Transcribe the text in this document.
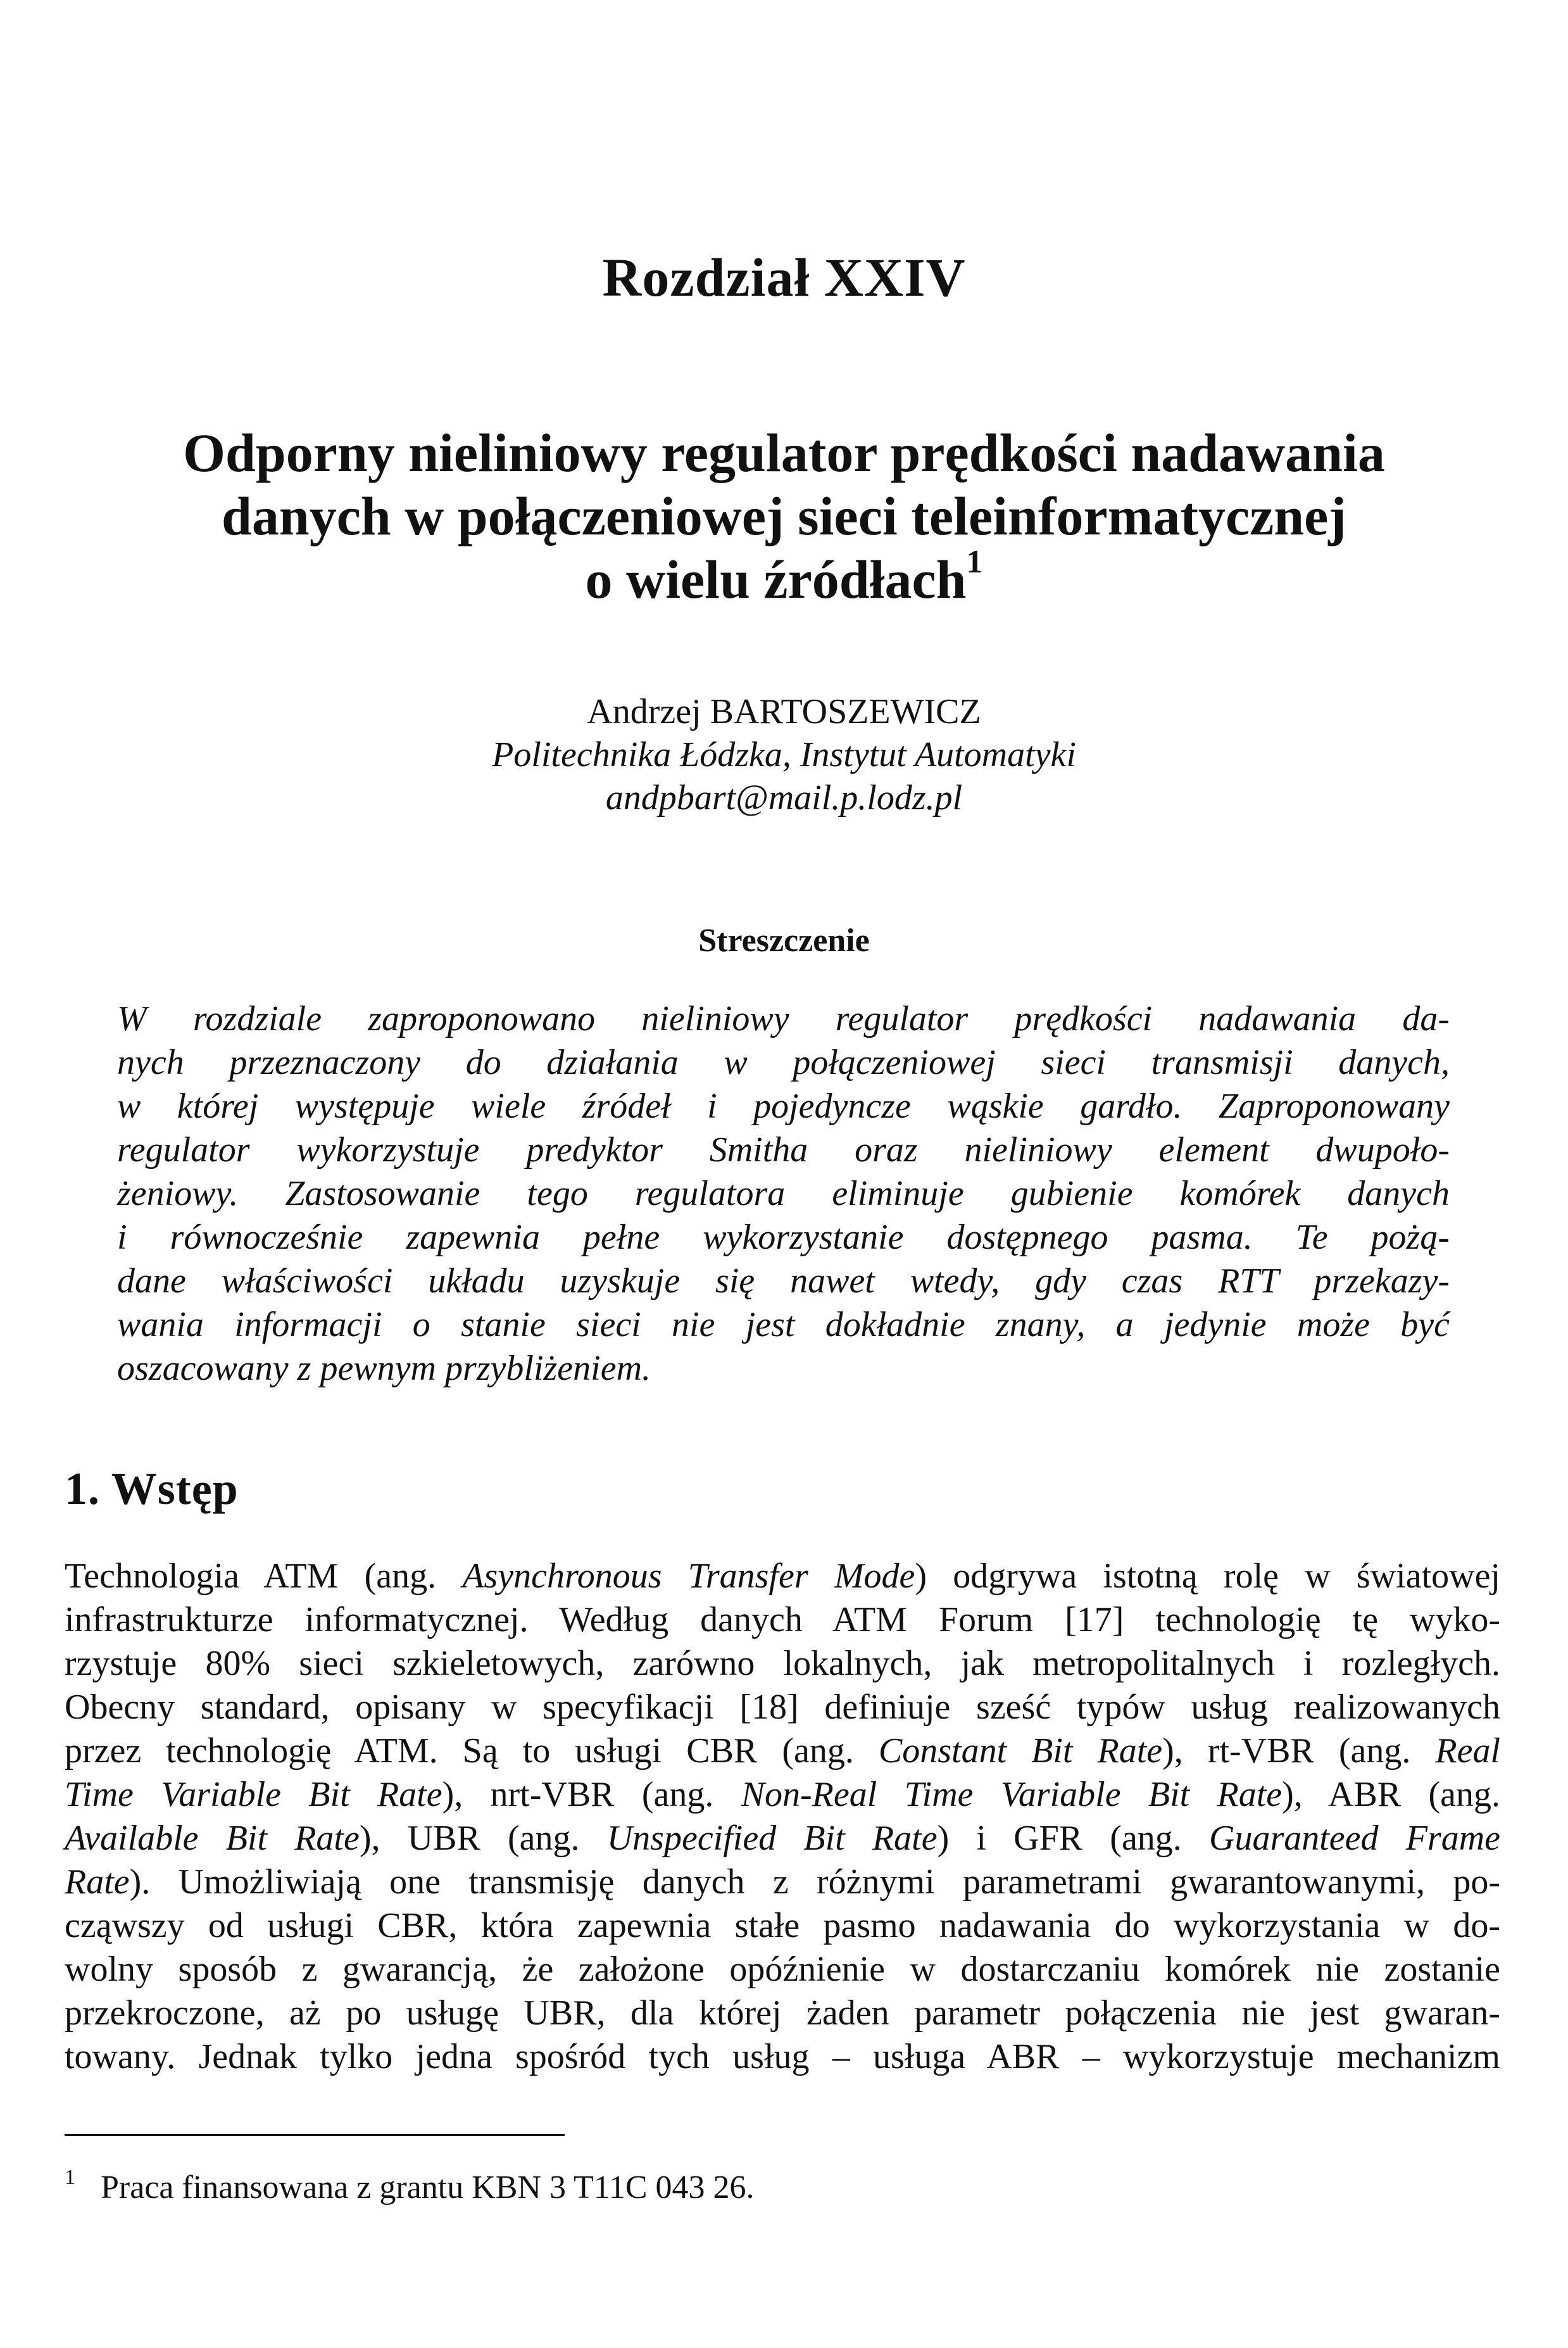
Rozdział XXIV
Odporny nieliniowy regulator prędkości nadawania
danych w połączeniowej sieci teleinformatycznej
o wielu źródłach$^1$
Andrzej BARTOSZEWICZ
Politechnika Łódzka, Instytut Automatyki
andpbart@mail.p.lodz.pl
Streszczenie
W rozdziale zaproponowano nieliniowy regulator prędkości nadawania da-
nych przeznaczony do działania w połączeniowej sieci transmisji danych,
w której występuje wiele źródeł i pojedyncze wąskie gardło. Zaproponowany
regulator wykorzystuje predyktor Smitha oraz nieliniowy element dwupoło-
żeniowy. Zastosowanie tego regulatora eliminuje gubienie komórek danych
i równocześnie zapewnia pełne wykorzystanie dostępnego pasma. Te pożą-
dane właściwości układu uzyskuje się nawet wtedy, gdy czas RTT przekazy-
wania informacji o stanie sieci nie jest dokładnie znany, a jedynie może być
oszacowany z pewnym przybliżeniem.
1. Wstęp
Technologia ATM (ang. Asynchronous Transfer Mode) odgrywa istotną rolę w światowej
infrastrukturze informatycznej. Według danych ATM Forum [17] technologię tę wyko-
rzystuje 80% sieci szkieletowych, zarówno lokalnych, jak metropolitalnych i rozległych.
Obecny standard, opisany w specyfikacji [18] definiuje sześć typów usług realizowanych
przez technologię ATM. Są to usługi CBR (ang. Constant Bit Rate), rt-VBR (ang. Real
Time Variable Bit Rate), nrt-VBR (ang. Non-Real Time Variable Bit Rate), ABR (ang.
Available Bit Rate), UBR (ang. Unspecified Bit Rate) i GFR (ang. Guaranteed Frame
Rate). Umożliwiają one transmisję danych z różnymi parametrami gwarantowanymi, po-
cząwszy od usługi CBR, która zapewnia stałe pasmo nadawania do wykorzystania w do-
wolny sposób z gwarancją, że założone opóźnienie w dostarczaniu komórek nie zostanie
przekroczone, aż po usługę UBR, dla której żaden parametr połączenia nie jest gwaran-
towany. Jednak tylko jedna spośród tych usług – usługa ABR – wykorzystuje mechanizm
$^1$ Praca finansowana z grantu KBN 3 T11C 043 26.
